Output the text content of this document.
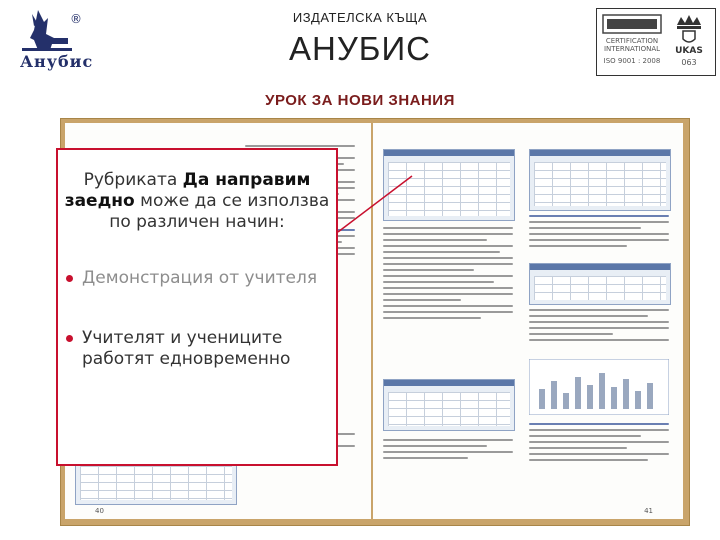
Анубис
®	ИЗДАТЕЛСКА КЪЩА
АНУБИС	CERTIFICATION INTERNATIONAL
ISO 9001 : 2008
UKAS
063
УРОК ЗА НОВИ ЗНАНИЯ
40	41
Рубриката Да направим заедно може да се използва по различен начин:
Демонстрация от учителя
Учителят и учениците работят едновременно
